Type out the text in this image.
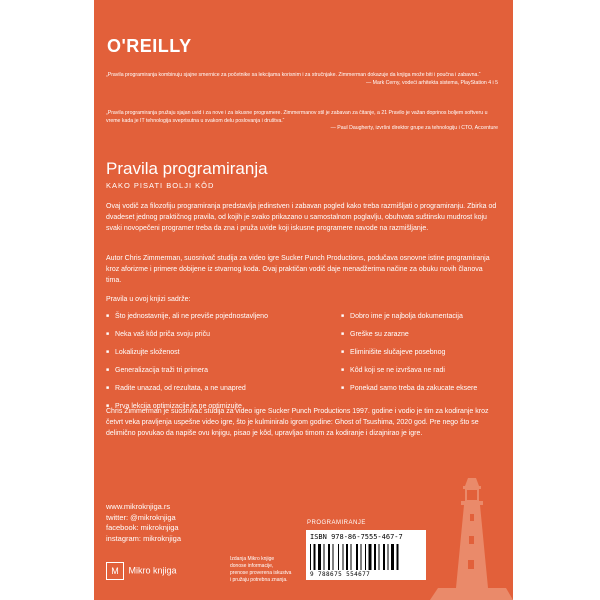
O'REILLY
„Pravila programiranja kombinuju sjajne smernice za početnike sa lekcijama korisnim i za stručnjake. Zimmerman dokazuje da knjiga može biti i poučna i zabavna.“
— Mark Cerny, vodeći arhitekta sistema, PlayStation 4 i 5
„Pravila programiranja pružaju sjajan uvid i za nove i za iskusne programere. Zimmermanov stil je zabavan za čitanje, a 21 Pravilo je važan doprinos boljem softveru u vreme kada je IT tehnologija sveprisutna u svakom delu poslovanja i društva.“
— Paul Daugherty, izvršni direktor grupe za tehnologiju i CTO, Accenture
Pravila programiranja
KAKO PISATI BOLJI KÔD
Ovaj vodič za filozofiju programiranja predstavlja jedinstven i zabavan pogled kako treba razmišljati o programiranju. Zbirka od dvadeset jednog praktičnog pravila, od kojih je svako prikazano u samostalnom poglavlju, obuhvata suštinsku mudrost koju svaki novopečeni programer treba da zna i pruža uvide koji iskusne programere navode na razmišljanje.
Autor Chris Zimmerman, suosnivač studija za video igre Sucker Punch Productions, podučava osnovne istine programiranja kroz aforizme i primere dobijene iz stvarnog koda. Ovaj praktičan vodič daje menadžerima načine za obuku novih članova tima.
Pravila u ovoj knjizi sadrže:
■ Što jednostavnije, ali ne previše pojednostavljeno
■ Neka vaš kôd priča svoju priču
■ Lokalizujte složenost
■ Generalizacija traži tri primera
■ Radite unazad, od rezultata, a ne unapred
■ Prva lekcija optimizacije je ne optimizujte
■ Dobro ime je najbolja dokumentacija
■ Greške su zarazne
■ Eliminišite slučajeve posebnog
■ Kôd koji se ne izvršava ne radi
■ Ponekad samo treba da zakucate eksere
Chris Zimmerman je suosnivač studija za video igre Sucker Punch Productions 1997. godine i vodio je tim za kodiranje kroz četvrt veka pravljenja uspešne video igre, što je kulminiralo igrom godine: Ghost of Tsushima, 2020 god. Pre nego što se delimično povukao da napiše ovu knjigu, pisao je kôd, upravljao timom za kodiranje i dizajnirao je igre.
www.mikroknjiga.rs
twitter: @mikroknjiga
facebook: mikroknjiga
instagram: mikroknjiga
M Mikro knjiga
Izdanja Mikro knjige
donose informacije,
prenose proverena iskustva
i pružaju potrebna znanja.
PROGRAMIRANJE
ISBN 978-86-7555-467-7
9 788675 554677
